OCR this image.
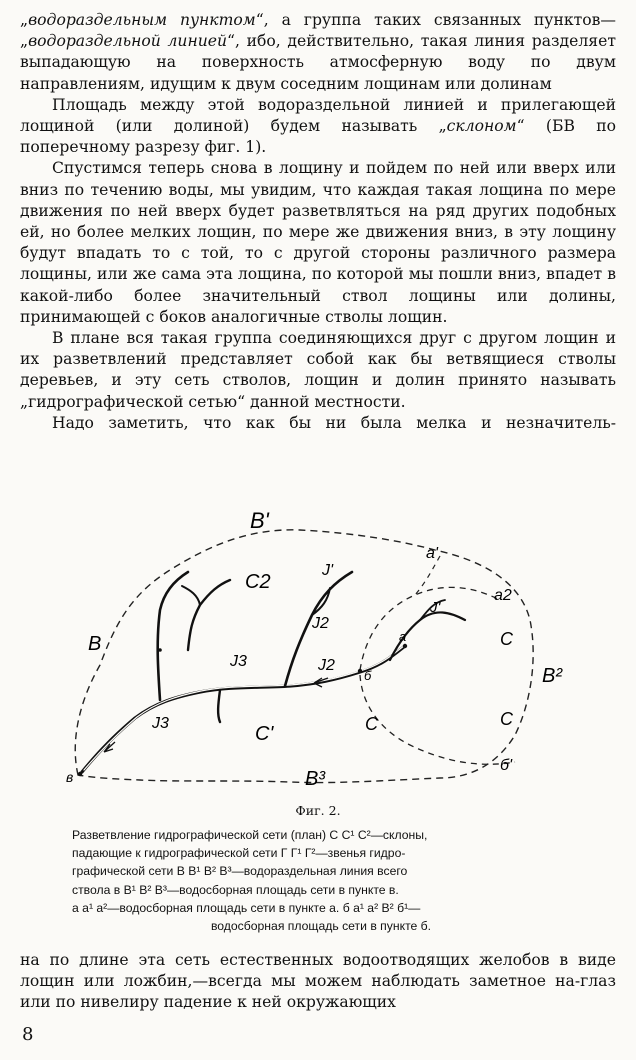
„водораздельным пунктом“, а группа таких связанных пунктов—„водораздельной линией“, ибо, действительно, такая линия разделяет выпадающую на поверхность атмосферную воду по двум направлениям, идущим к двум соседним лощинам или долинам

Площадь между этой водораздельной линией и прилегающей лощиной (или долиной) будем называть „склоном“ (БВ по поперечному разрезу фиг. 1).

Спустимся теперь снова в лощину и пойдем по ней или вверх или вниз по течению воды, мы увидим, что каждая такая лощина по мере движения по ней вверх будет разветвляться на ряд других подобных ей, но более мелких лощин, по мере же движения вниз, в эту лощину будут впадать то с той, то с другой стороны различного размера лощины, или же сама эта лощина, по которой мы пошли вниз, впадет в какой-либо более значительный ствол лощины или долины, принимающей с боков аналогичные стволы лощин.

В плане вся такая группа соединяющихся друг с другом лощин и их разветвлений представляет собой как бы ветвящиеся стволы деревьев, и эту сеть стволов, лощин и долин принято называть „гидрографической сетью“ данной местности.

Надо заметить, что как бы ни была мелка и незначитель-

B'
B
B²
B³
C2
C'
C
C
C
J'
J'
J2
J2
J3
J3
a'
a2
a
б
б'
в
Фиг. 2.

Разветвление гидрографической сети (план) C C¹ C²—склоны,

падающие к гидрографической сети Г Г¹ Г²—звенья гидро-

графической сети B B¹ B² B³—водораздельная линия всего

ствола в B¹ B² B³—водосборная площадь сети в пункте в.

a a¹ a²—водосборная площадь сети в пункте a. б a¹ a² B² б¹—

водосборная площадь сети в пункте б.

на по длине эта сеть естественных водоотводящих желобов в виде лощин или ложбин,—всегда мы можем наблюдать заметное на-глаз или по нивелиру падение к ней окружающих

8
